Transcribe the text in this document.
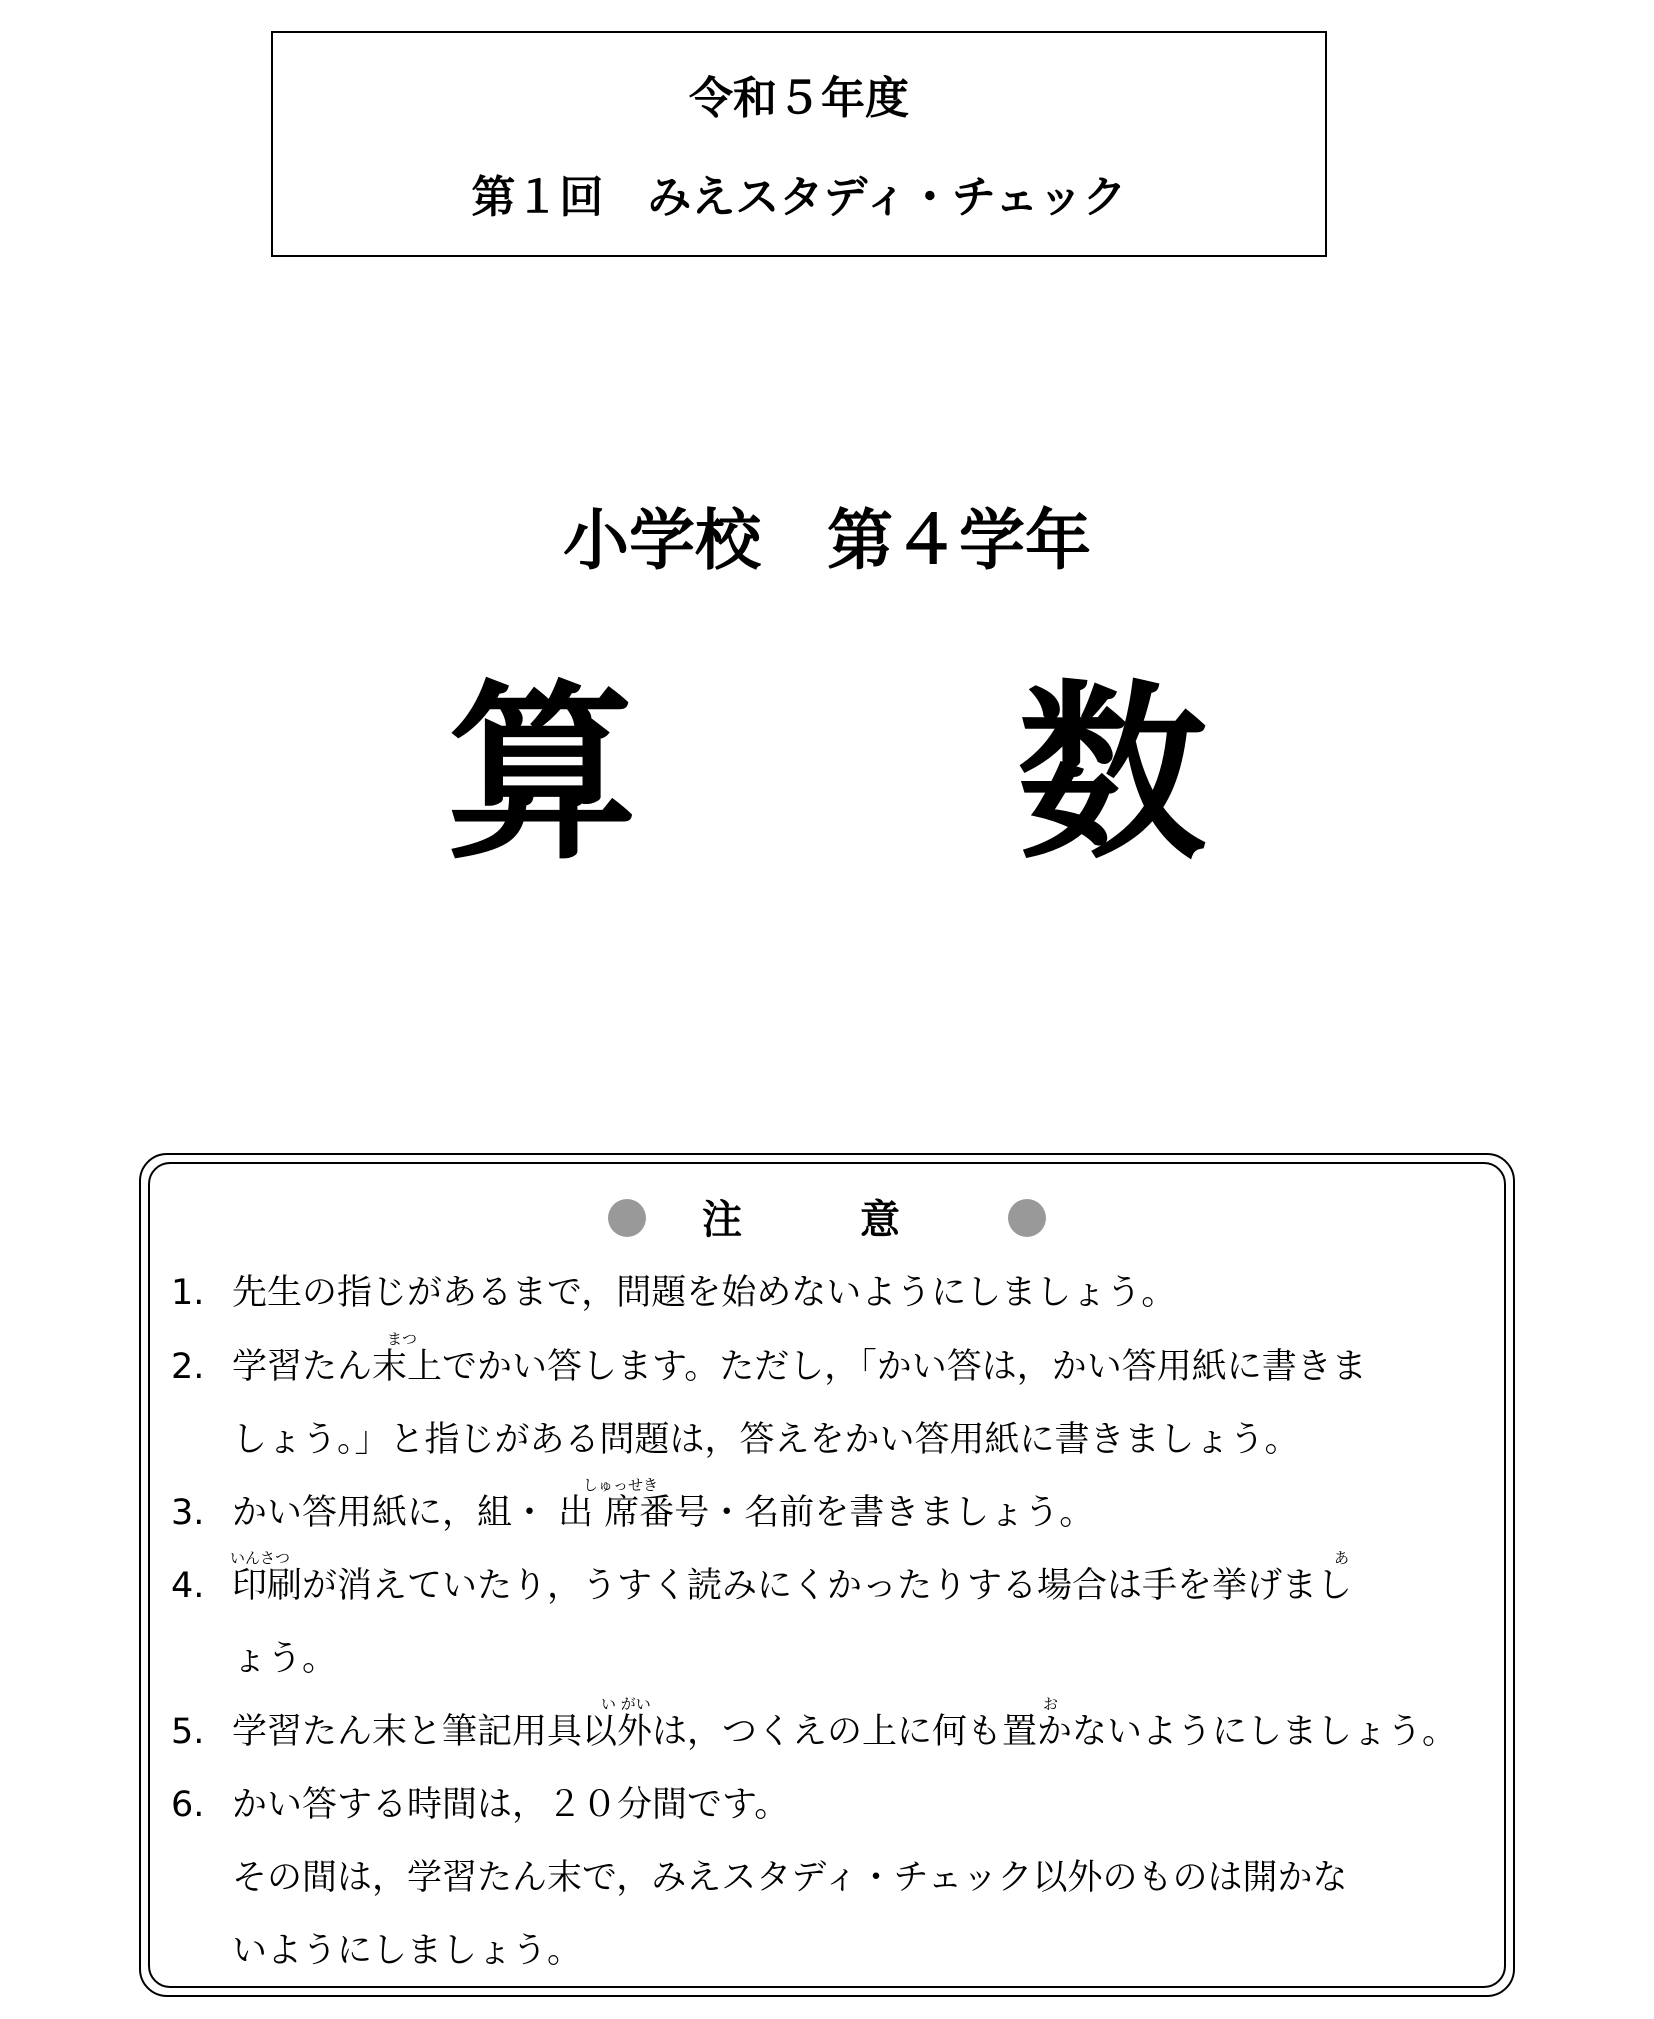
令和５年度
第１回　みえスタディ・チェック
小学校　第４学年
算　　数
注 意
まつ
しゅっせき
いんさつ	あ
い がい	お
1. 先生の指じがあるまで，問題を始めないようにしましょう。
2. 学習たん末上でかい答します。ただし，「かい答は，かい答用紙に書きま
しょう。」と指じがある問題は，答えをかい答用紙に書きましょう。
3. かい答用紙に，組・ 出 席番号・名前を書きましょう。
4. 印刷が消えていたり，うすく読みにくかったりする場合は手を挙げまし
ょう。
5. 学習たん末と筆記用具以外は，つくえの上に何も置かないようにしましょう。
6. かい答する時間は，２０分間です。
その間は，学習たん末で，みえスタディ・チェック以外のものは開かな
いようにしましょう。
